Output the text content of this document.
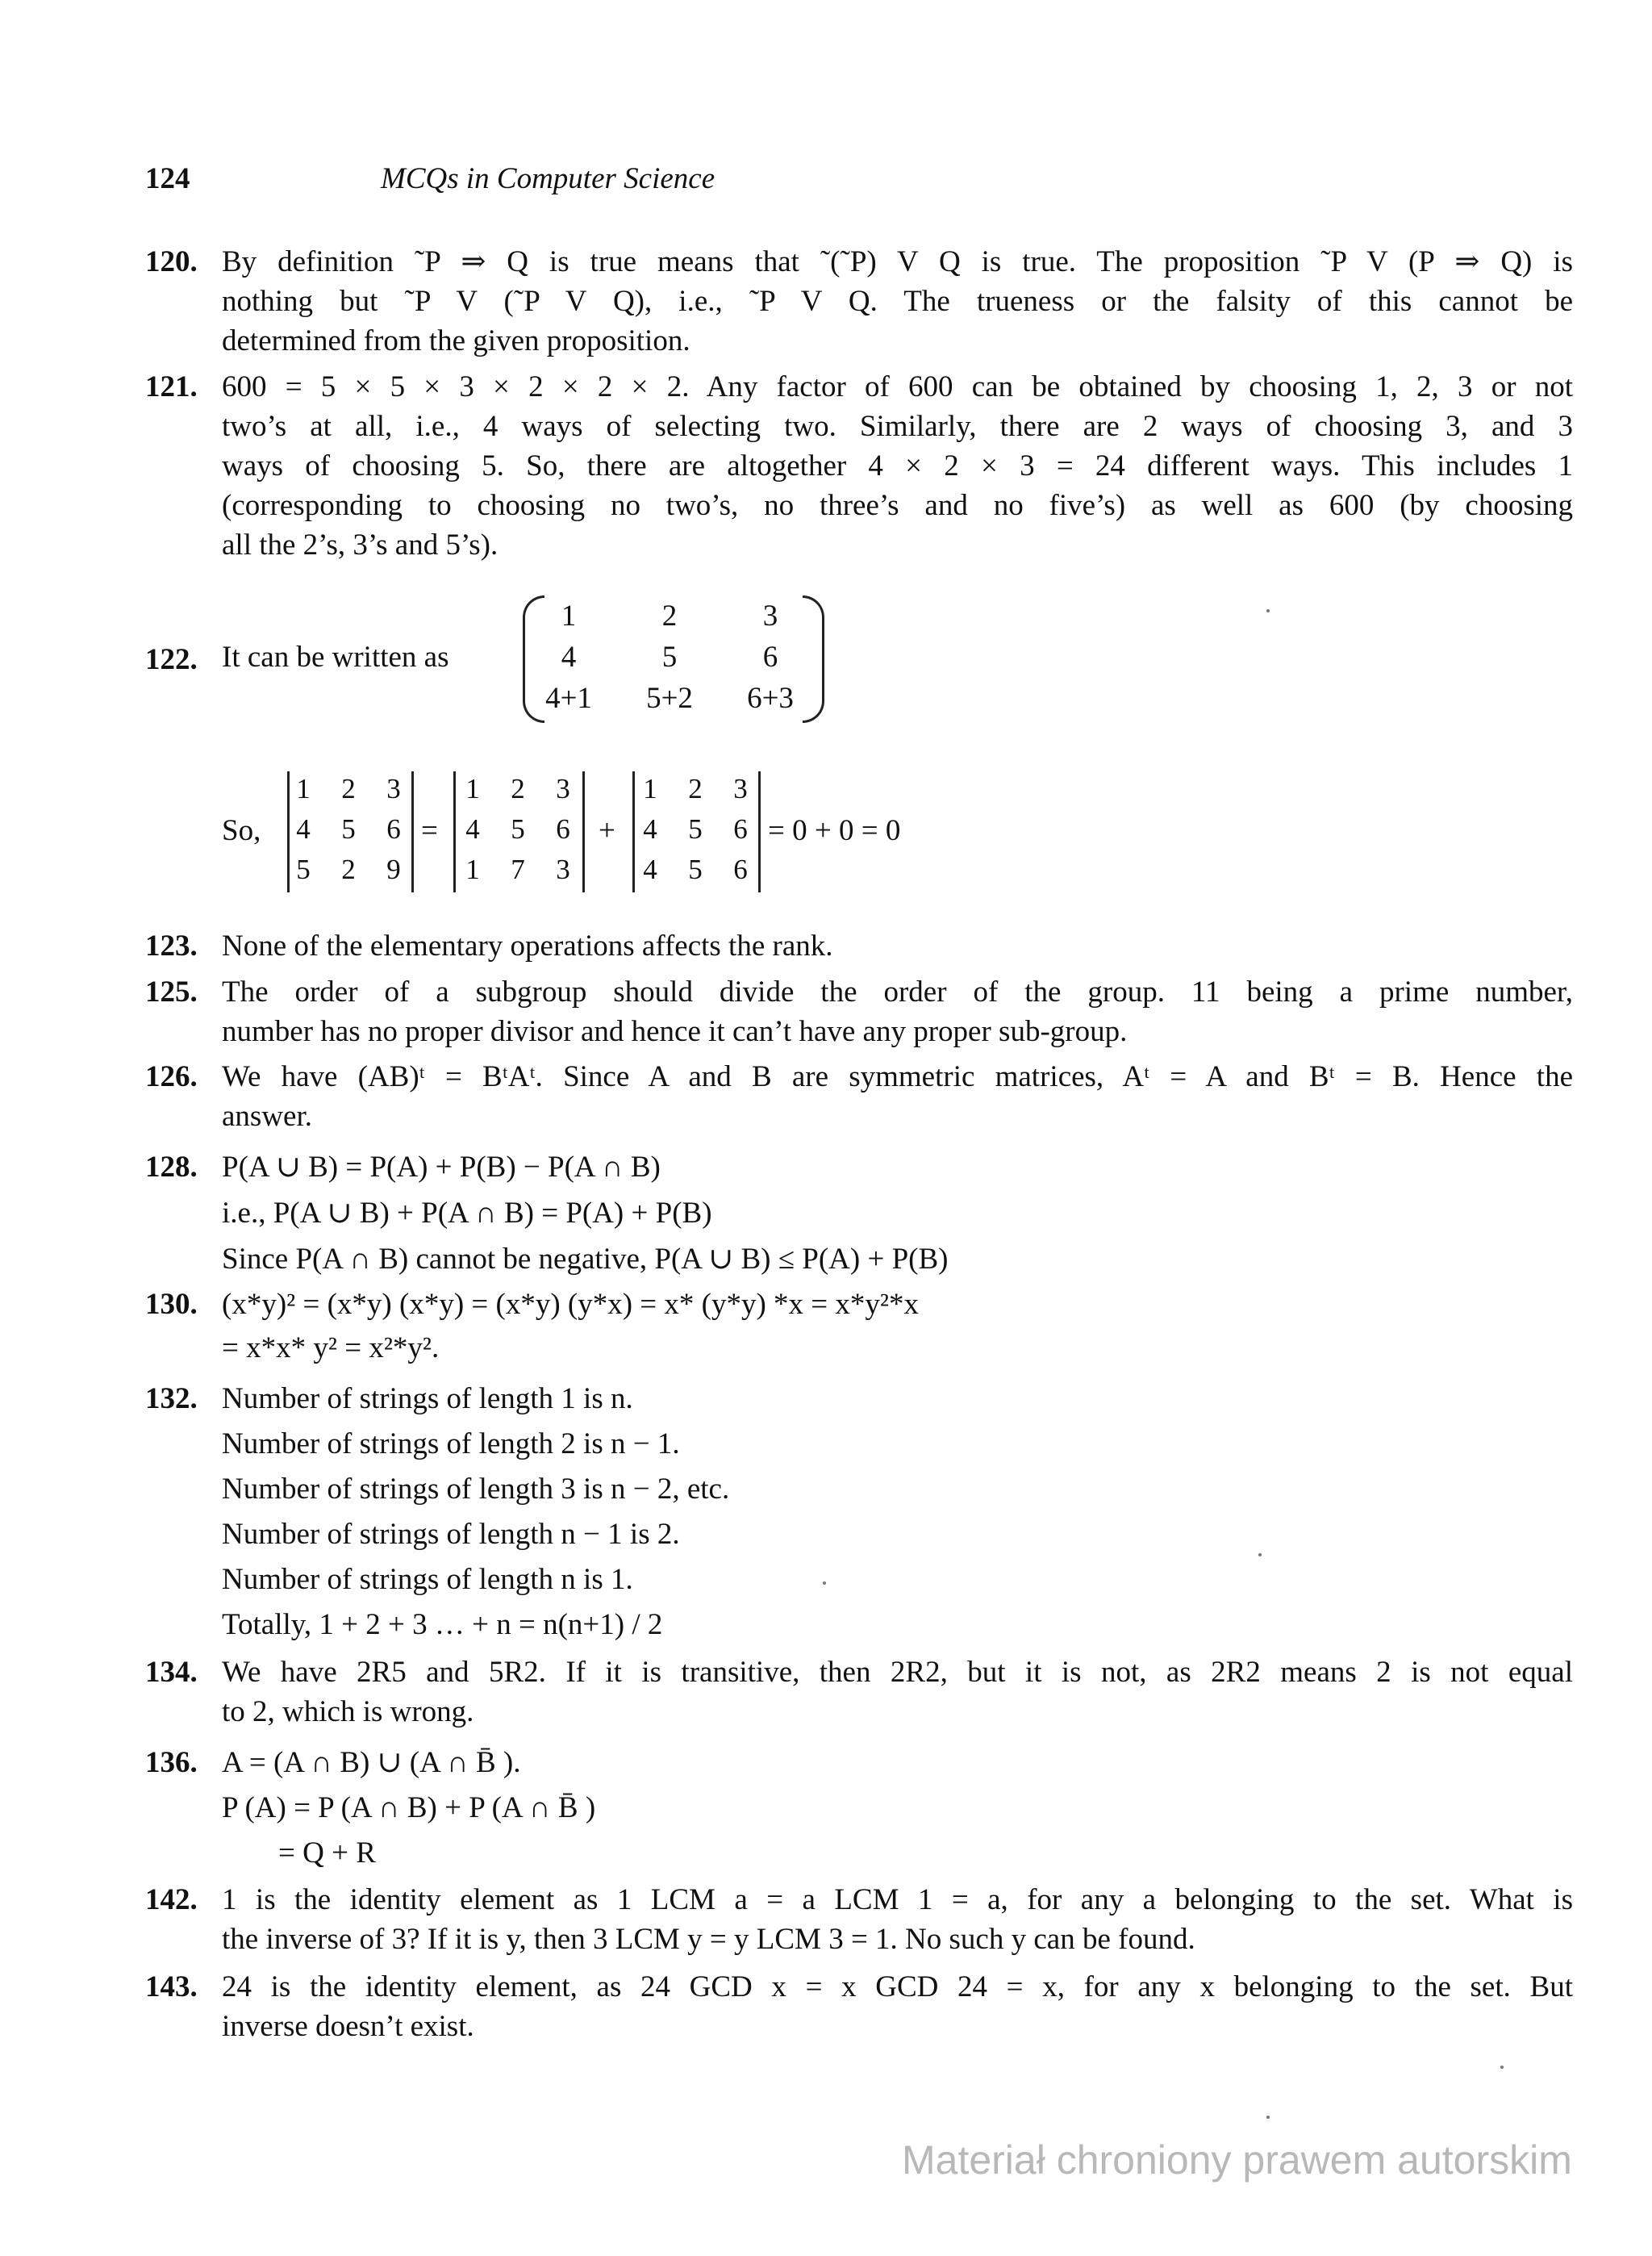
124	MCQs in Computer Science
120. By definition ˜P ⇒ Q is true means that ˜(˜P) V Q is true. The proposition ˜P V (P ⇒ Q) is
nothing but ˜P V (˜P V Q), i.e., ˜P V Q. The trueness or the falsity of this cannot be
determined from the given proposition.
121. 600 = 5 × 5 × 3 × 2 × 2 × 2. Any factor of 600 can be obtained by choosing 1, 2, 3 or not
two’s at all, i.e., 4 ways of selecting two. Similarly, there are 2 ways of choosing 3, and 3
ways of choosing 5. So, there are altogether 4 × 2 × 3 = 24 different ways. This includes 1
(corresponding to choosing no two’s, no three’s and no five’s) as well as 600 (by choosing
all the 2’s, 3’s and 5’s).
122. It can be written as
1	2	3
4	5	6
4+1	5+2	6+3
So,
1	2	3
4	5	6
5	2	9
=
1	2	3
4	5	6
1	7	3
+
1	2	3
4	5	6
4	5	6
= 0 + 0 = 0
123. None of the elementary operations affects the rank.
125. The order of a subgroup should divide the order of the group. 11 being a prime number,
number has no proper divisor and hence it can’t have any proper sub-group.
126. We have (AB)ᵗ = BᵗAᵗ. Since A and B are symmetric matrices, Aᵗ = A and Bᵗ = B. Hence the
answer.
128. P(A ∪ B) = P(A) + P(B) − P(A ∩ B)
i.e., P(A ∪ B) + P(A ∩ B) = P(A) + P(B)
Since P(A ∩ B) cannot be negative, P(A ∪ B) ≤ P(A) + P(B)
130. (x*y)² = (x*y) (x*y) = (x*y) (y*x) = x* (y*y) *x = x*y²*x
= x*x* y² = x²*y².
132. Number of strings of length 1 is n.
Number of strings of length 2 is n − 1.
Number of strings of length 3 is n − 2, etc.
Number of strings of length n − 1 is 2.
Number of strings of length n is 1.
Totally, 1 + 2 + 3 … + n = n(n+1) / 2
134. We have 2R5 and 5R2. If it is transitive, then 2R2, but it is not, as 2R2 means 2 is not equal
to 2, which is wrong.
136. A = (A ∩ B) ∪ (A ∩ B̄ ).
P (A) = P (A ∩ B) + P (A ∩ B̄ )
= Q + R
142. 1 is the identity element as 1 LCM a = a LCM 1 = a, for any a belonging to the set. What is
the inverse of 3? If it is y, then 3 LCM y = y LCM 3 = 1. No such y can be found.
143. 24 is the identity element, as 24 GCD x = x GCD 24 = x, for any x belonging to the set. But
inverse doesn’t exist.
Materiał chroniony prawem autorskim
